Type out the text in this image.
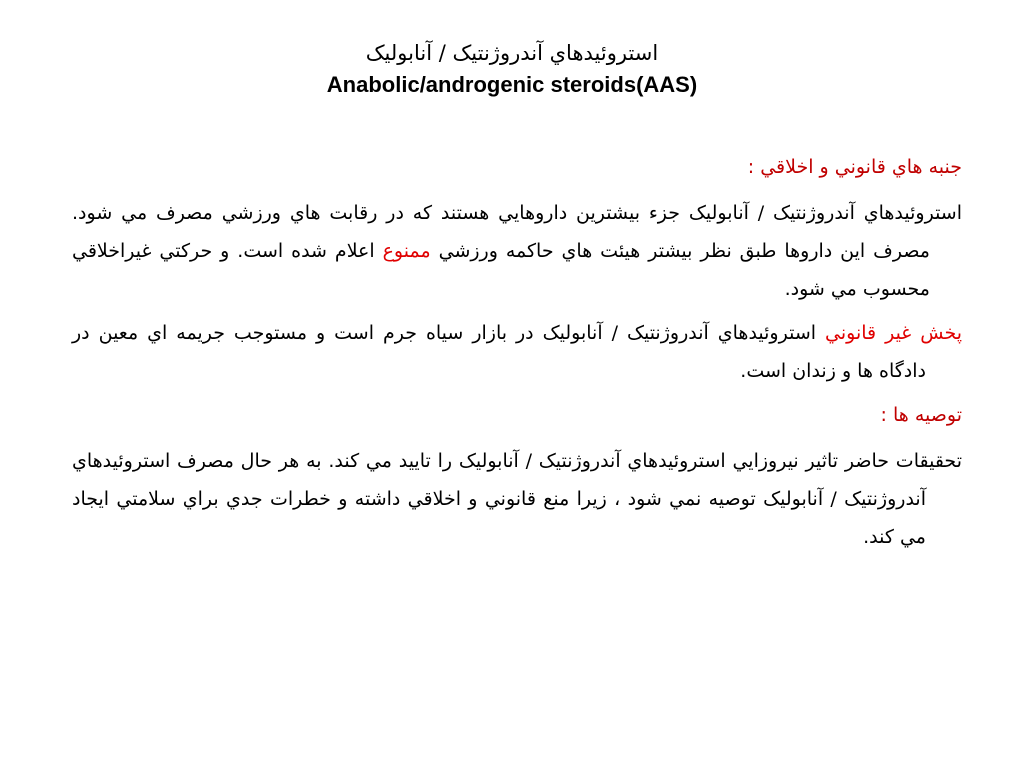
استروئيدهاي آندروژنتيک / آنابوليک
Anabolic/androgenic steroids(AAS)
جنبه هاي قانوني و اخلاقي :

استروئيدهاي آندروژنتيک / آنابوليک جزء بيشترين داروهايي هستند که در رقابت هاي ورزشي مصرف مي شود. مصرف اين داروها طبق نظر بيشتر هيئت هاي حاکمه ورزشي ممنوع اعلام شده است. و حرکتي غيراخلاقي محسوب مي شود.

پخش غير قانوني استروئيدهاي آندروژنتيک / آنابوليک در بازار سياه جرم است و مستوجب جريمه اي معين در دادگاه ها و زندان است.

توصيه ها :

تحقيقات حاضر تاثير نيروزايي استروئيدهاي آندروژنتيک / آنابوليک را تاييد مي کند. به هر حال مصرف استروئيدهاي آندروژنتيک / آنابوليک توصيه نمي شود ، زيرا منع قانوني و اخلاقي داشته و خطرات جدي براي سلامتي ايجاد مي کند.
